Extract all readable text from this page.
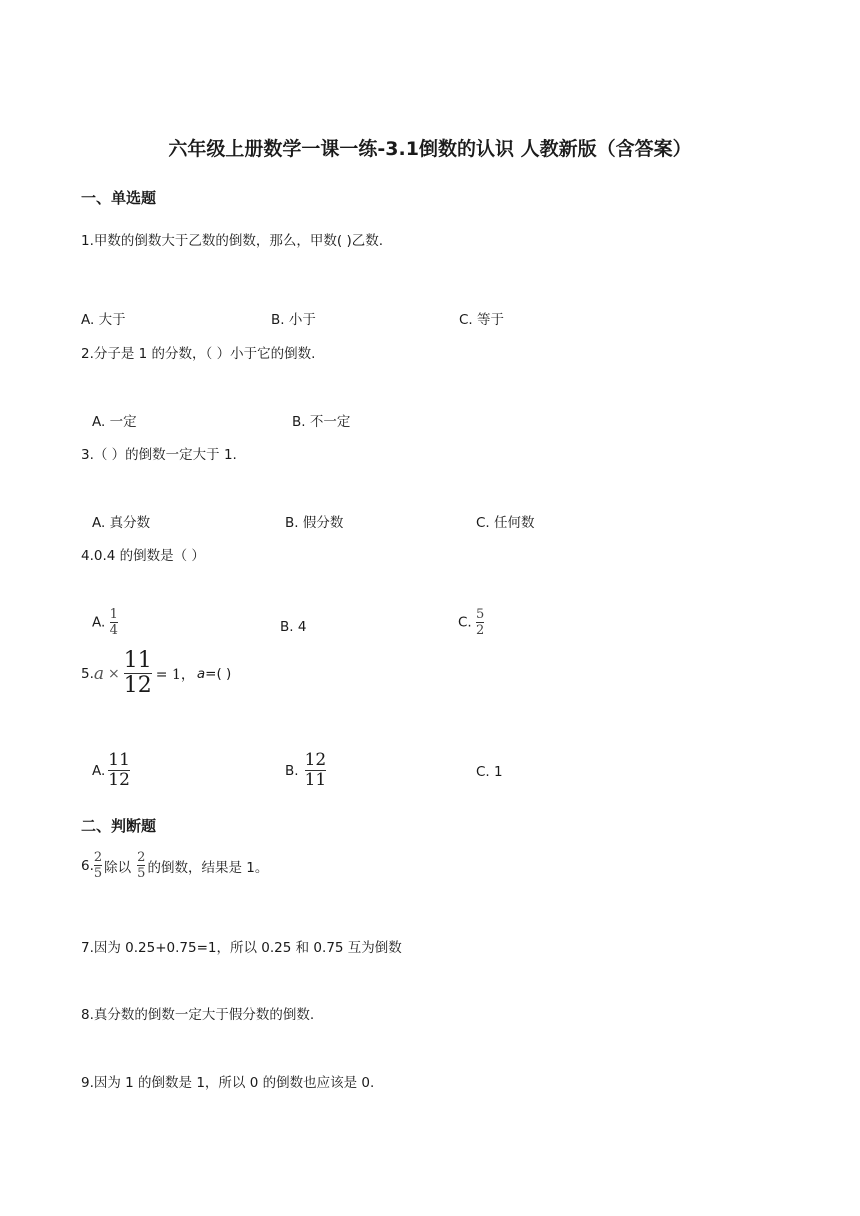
六年级上册数学一课一练-3.1倒数的认识 人教新版（含答案）
一、单选题
1.甲数的倒数大于乙数的倒数，那么，甲数( )乙数.
A. 大于	B. 小于	C. 等于
2.分子是 1 的分数，（ ）小于它的倒数.
A. 一定	B. 不一定
3.（ ）的倒数一定大于 1.
A. 真分数	B. 假分数	C. 任何数
4.0.4 的倒数是（ ）
A. $\frac{1}{4}$	B. 4	C. $\frac{5}{2}$
5. $a \times \frac{11}{12} = 1$， a =( )
A. $\frac{11}{12}$	B. $\frac{12}{11}$	C. 1
二、判断题
6. $\frac{2}{5}$ 除以 $\frac{2}{5}$ 的倒数，结果是 1。
7.因为 0.25+0.75=1，所以 0.25 和 0.75 互为倒数
8.真分数的倒数一定大于假分数的倒数.
9.因为 1 的倒数是 1，所以 0 的倒数也应该是 0.
